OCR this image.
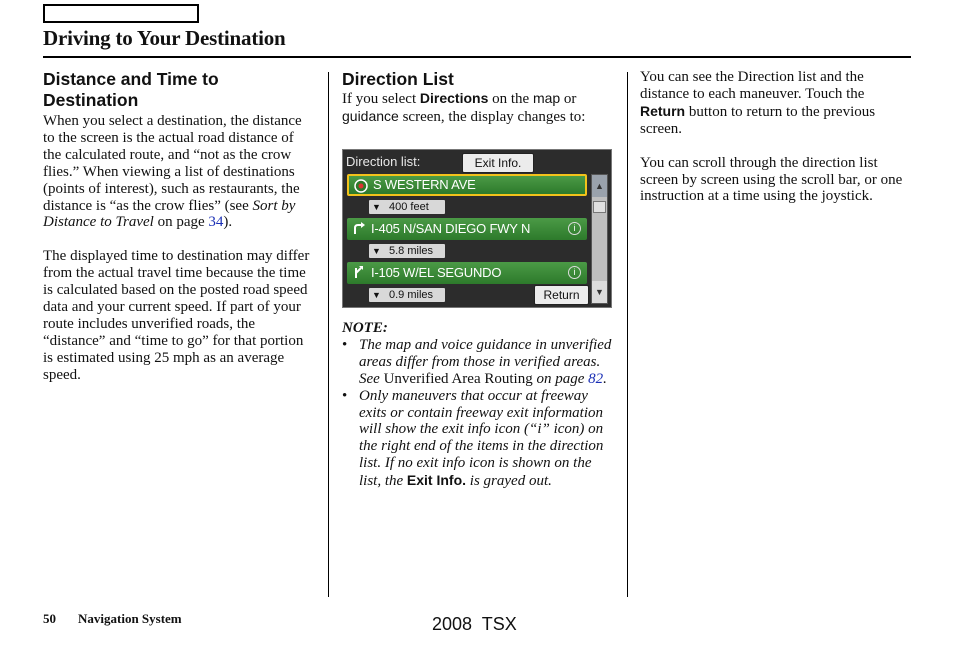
Driving to Your Destination
Distance and Time to Destination

When you select a destination, the distance to the screen is the actual road distance of the calculated route, and “not as the crow flies.” When viewing a list of destinations (points of interest), such as restaurants, the distance is “as the crow flies” (see Sort by Distance to Travel on page 34).

The displayed time to destination may differ from the actual travel time because the time is calculated based on the posted road speed data and your current speed. If part of your route includes unverified roads, the “distance” and “time to go” for that portion is estimated using 25 mph as an average speed.

Direction List

If you select Directions on the map or guidance screen, the display changes to:

Direction list:	Exit Info.
S WESTERN AVE
▼ 400 feet
I-405 N/SAN DIEGO FWY N	i
▼ 5.8 miles
I-105 W/EL SEGUNDO	i
▼ 0.9 miles	Return
▲
▼

NOTE:

• The map and voice guidance in unverified areas differ from those in verified areas. See Unverified Area Routing on page 82.
• Only maneuvers that occur at freeway exits or contain freeway exit information will show the exit info icon (“i” icon) on the right end of the items in the direction list. If no exit info icon is shown on the list, the Exit Info. is grayed out.

You can see the Direction list and the distance to each maneuver. Touch the Return button to return to the previous screen.

You can scroll through the direction list screen by screen using the scroll bar, or one instruction at a time using the joystick.

50 Navigation System	2008  TSX
